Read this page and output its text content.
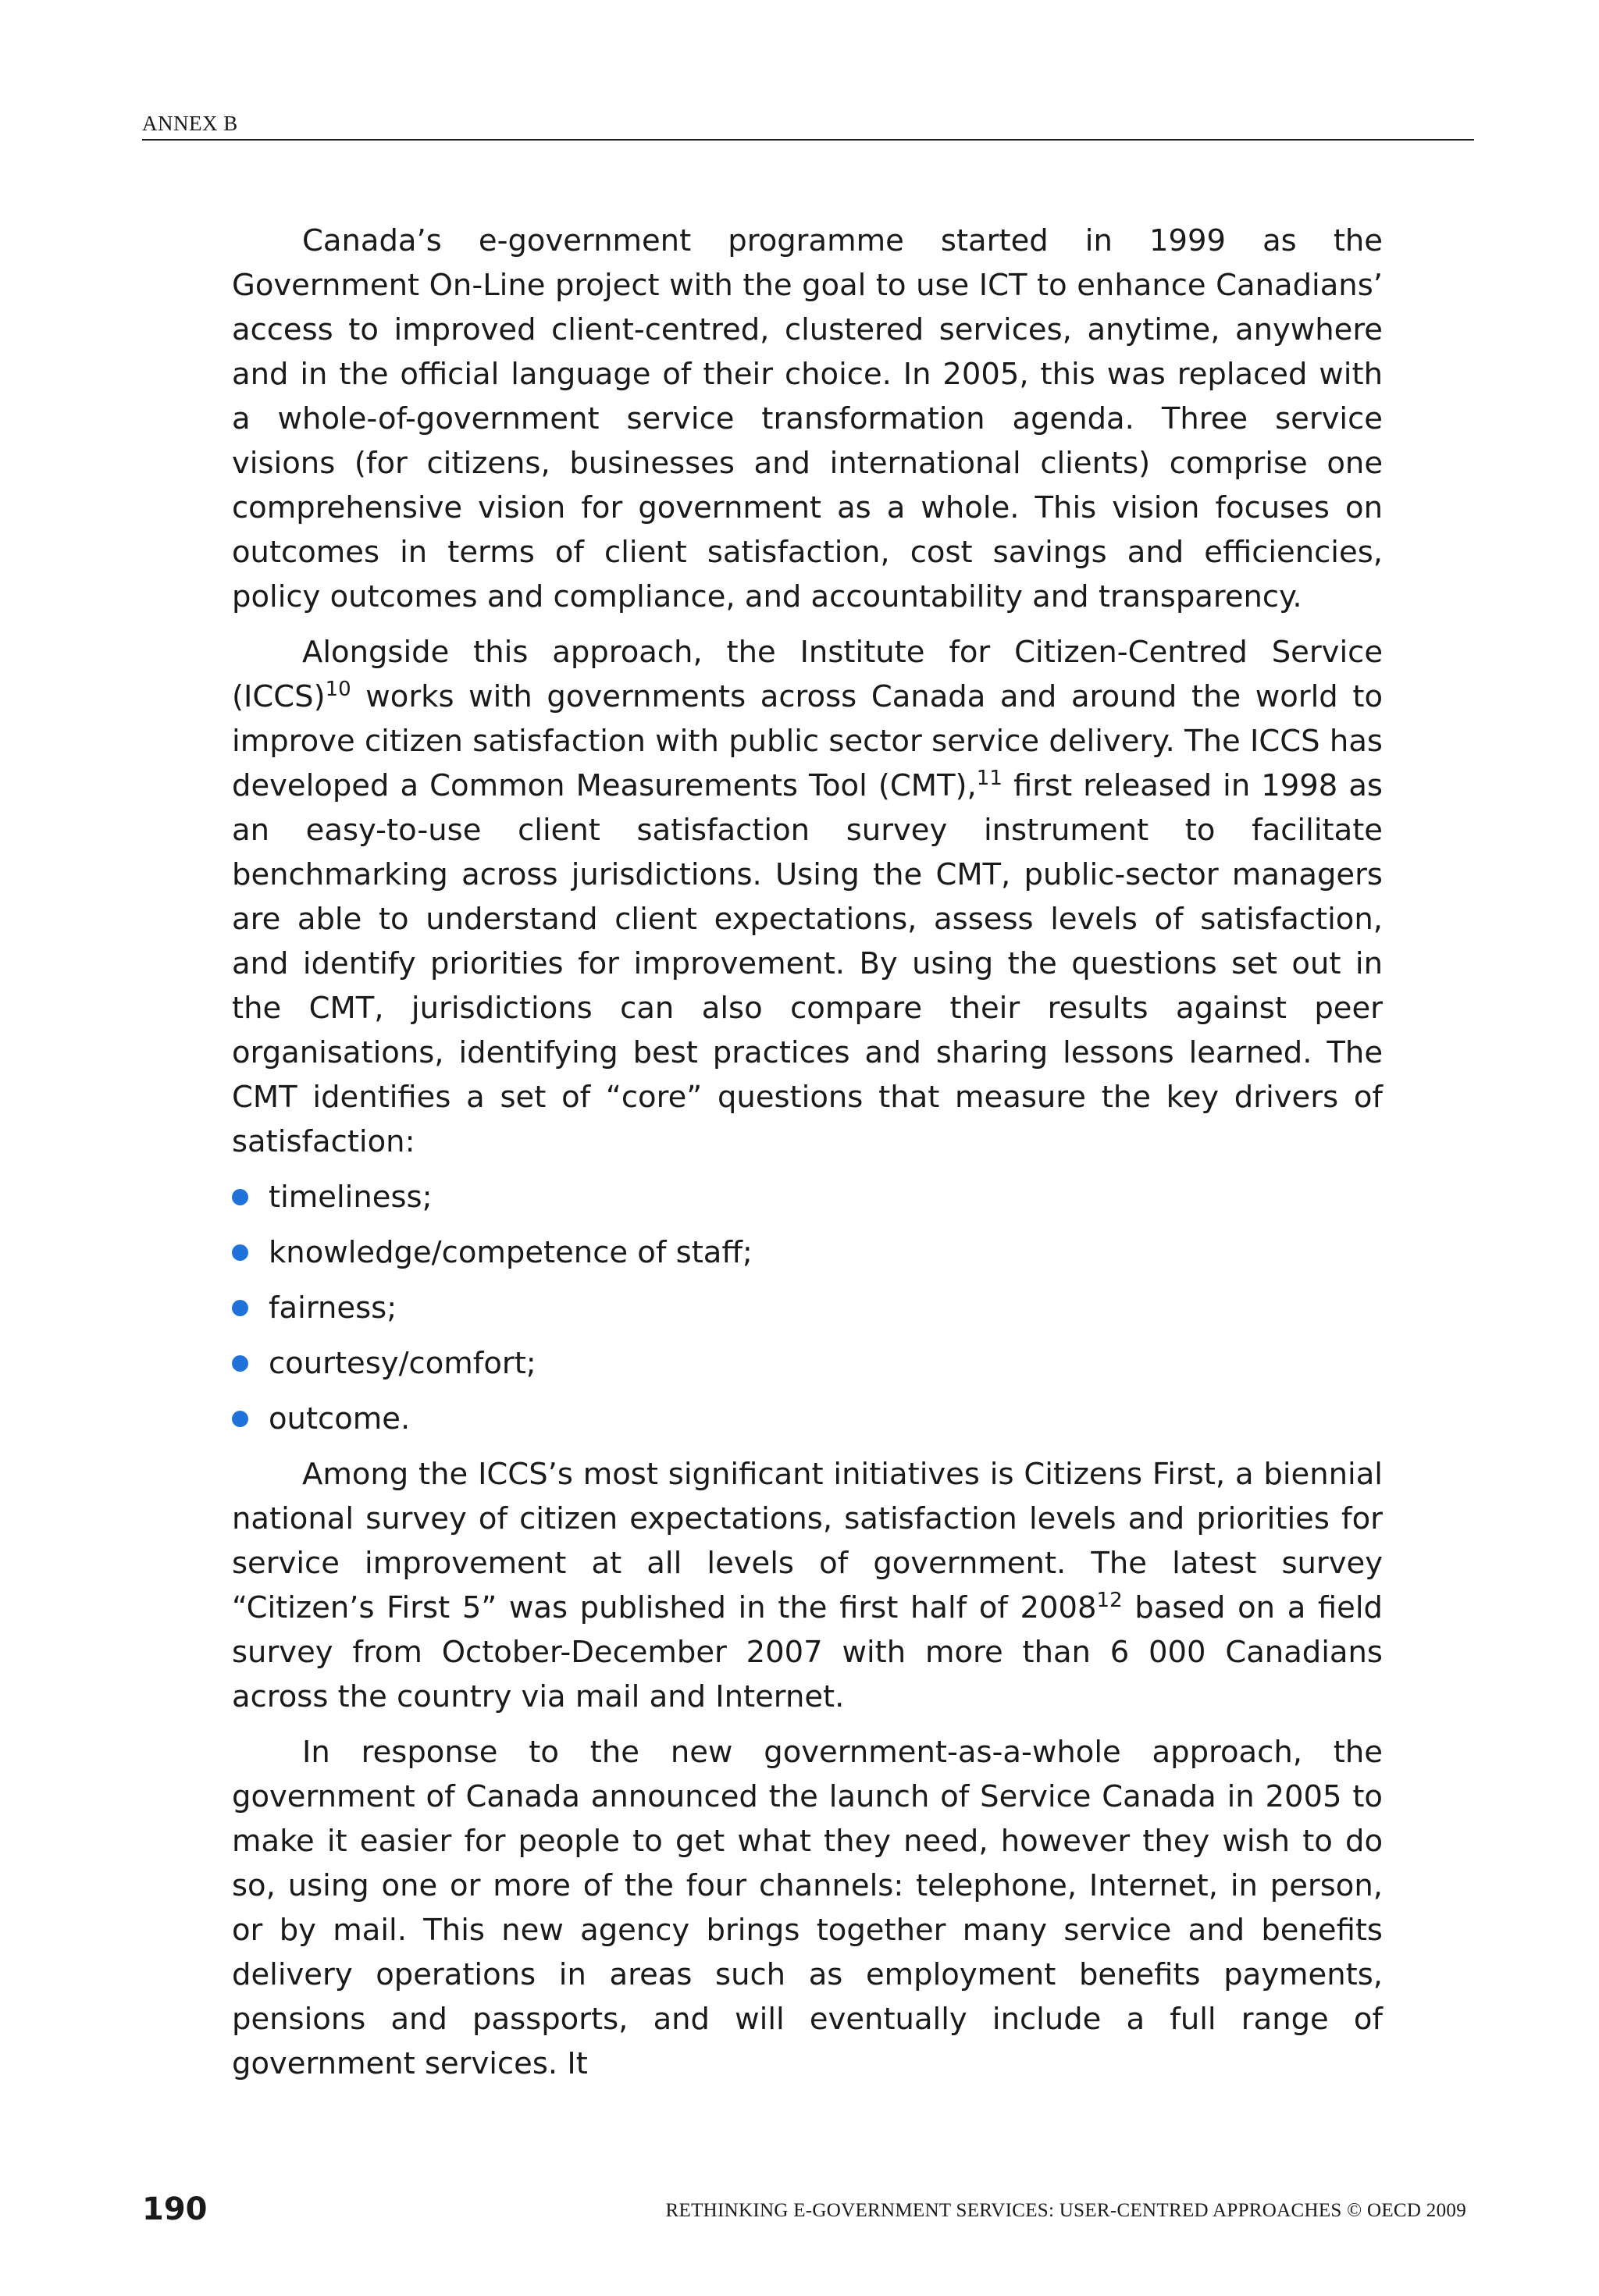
ANNEX B

Canada’s e-government programme started in 1999 as the Government On-Line project with the goal to use ICT to enhance Canadians’ access to improved client-centred, clustered services, anytime, anywhere and in the official language of their choice. In 2005, this was replaced with a whole-of-government service transformation agenda. Three service visions (for citizens, businesses and international clients) comprise one comprehensive vision for government as a whole. This vision focuses on outcomes in terms of client satisfaction, cost savings and efficiencies, policy outcomes and compliance, and accountability and transparency.

Alongside this approach, the Institute for Citizen-Centred Service (ICCS)$^{10}$ works with governments across Canada and around the world to improve citizen satisfaction with public sector service delivery. The ICCS has developed a Common Measurements Tool (CMT),$^{11}$ first released in 1998 as an easy-to-use client satisfaction survey instrument to facilitate benchmarking across jurisdictions. Using the CMT, public-sector managers are able to understand client expectations, assess levels of satisfaction, and identify priorities for improvement. By using the questions set out in the CMT, jurisdictions can also compare their results against peer organisations, identifying best practices and sharing lessons learned. The CMT identifies a set of “core” questions that measure the key drivers of satisfaction:

timeliness;
knowledge/competence of staff;
fairness;
courtesy/comfort;
outcome.

Among the ICCS’s most significant initiatives is Citizens First, a biennial national survey of citizen expectations, satisfaction levels and priorities for service improvement at all levels of government. The latest survey “Citizen’s First 5” was published in the first half of 2008$^{12}$ based on a field survey from October-December 2007 with more than 6 000 Canadians across the country via mail and Internet.

In response to the new government-as-a-whole approach, the government of Canada announced the launch of Service Canada in 2005 to make it easier for people to get what they need, however they wish to do so, using one or more of the four channels: telephone, Internet, in person, or by mail. This new agency brings together many service and benefits delivery operations in areas such as employment benefits payments, pensions and passports, and will eventually include a full range of government services. It

190	RETHINKING E-GOVERNMENT SERVICES: USER-CENTRED APPROACHES © OECD 2009
